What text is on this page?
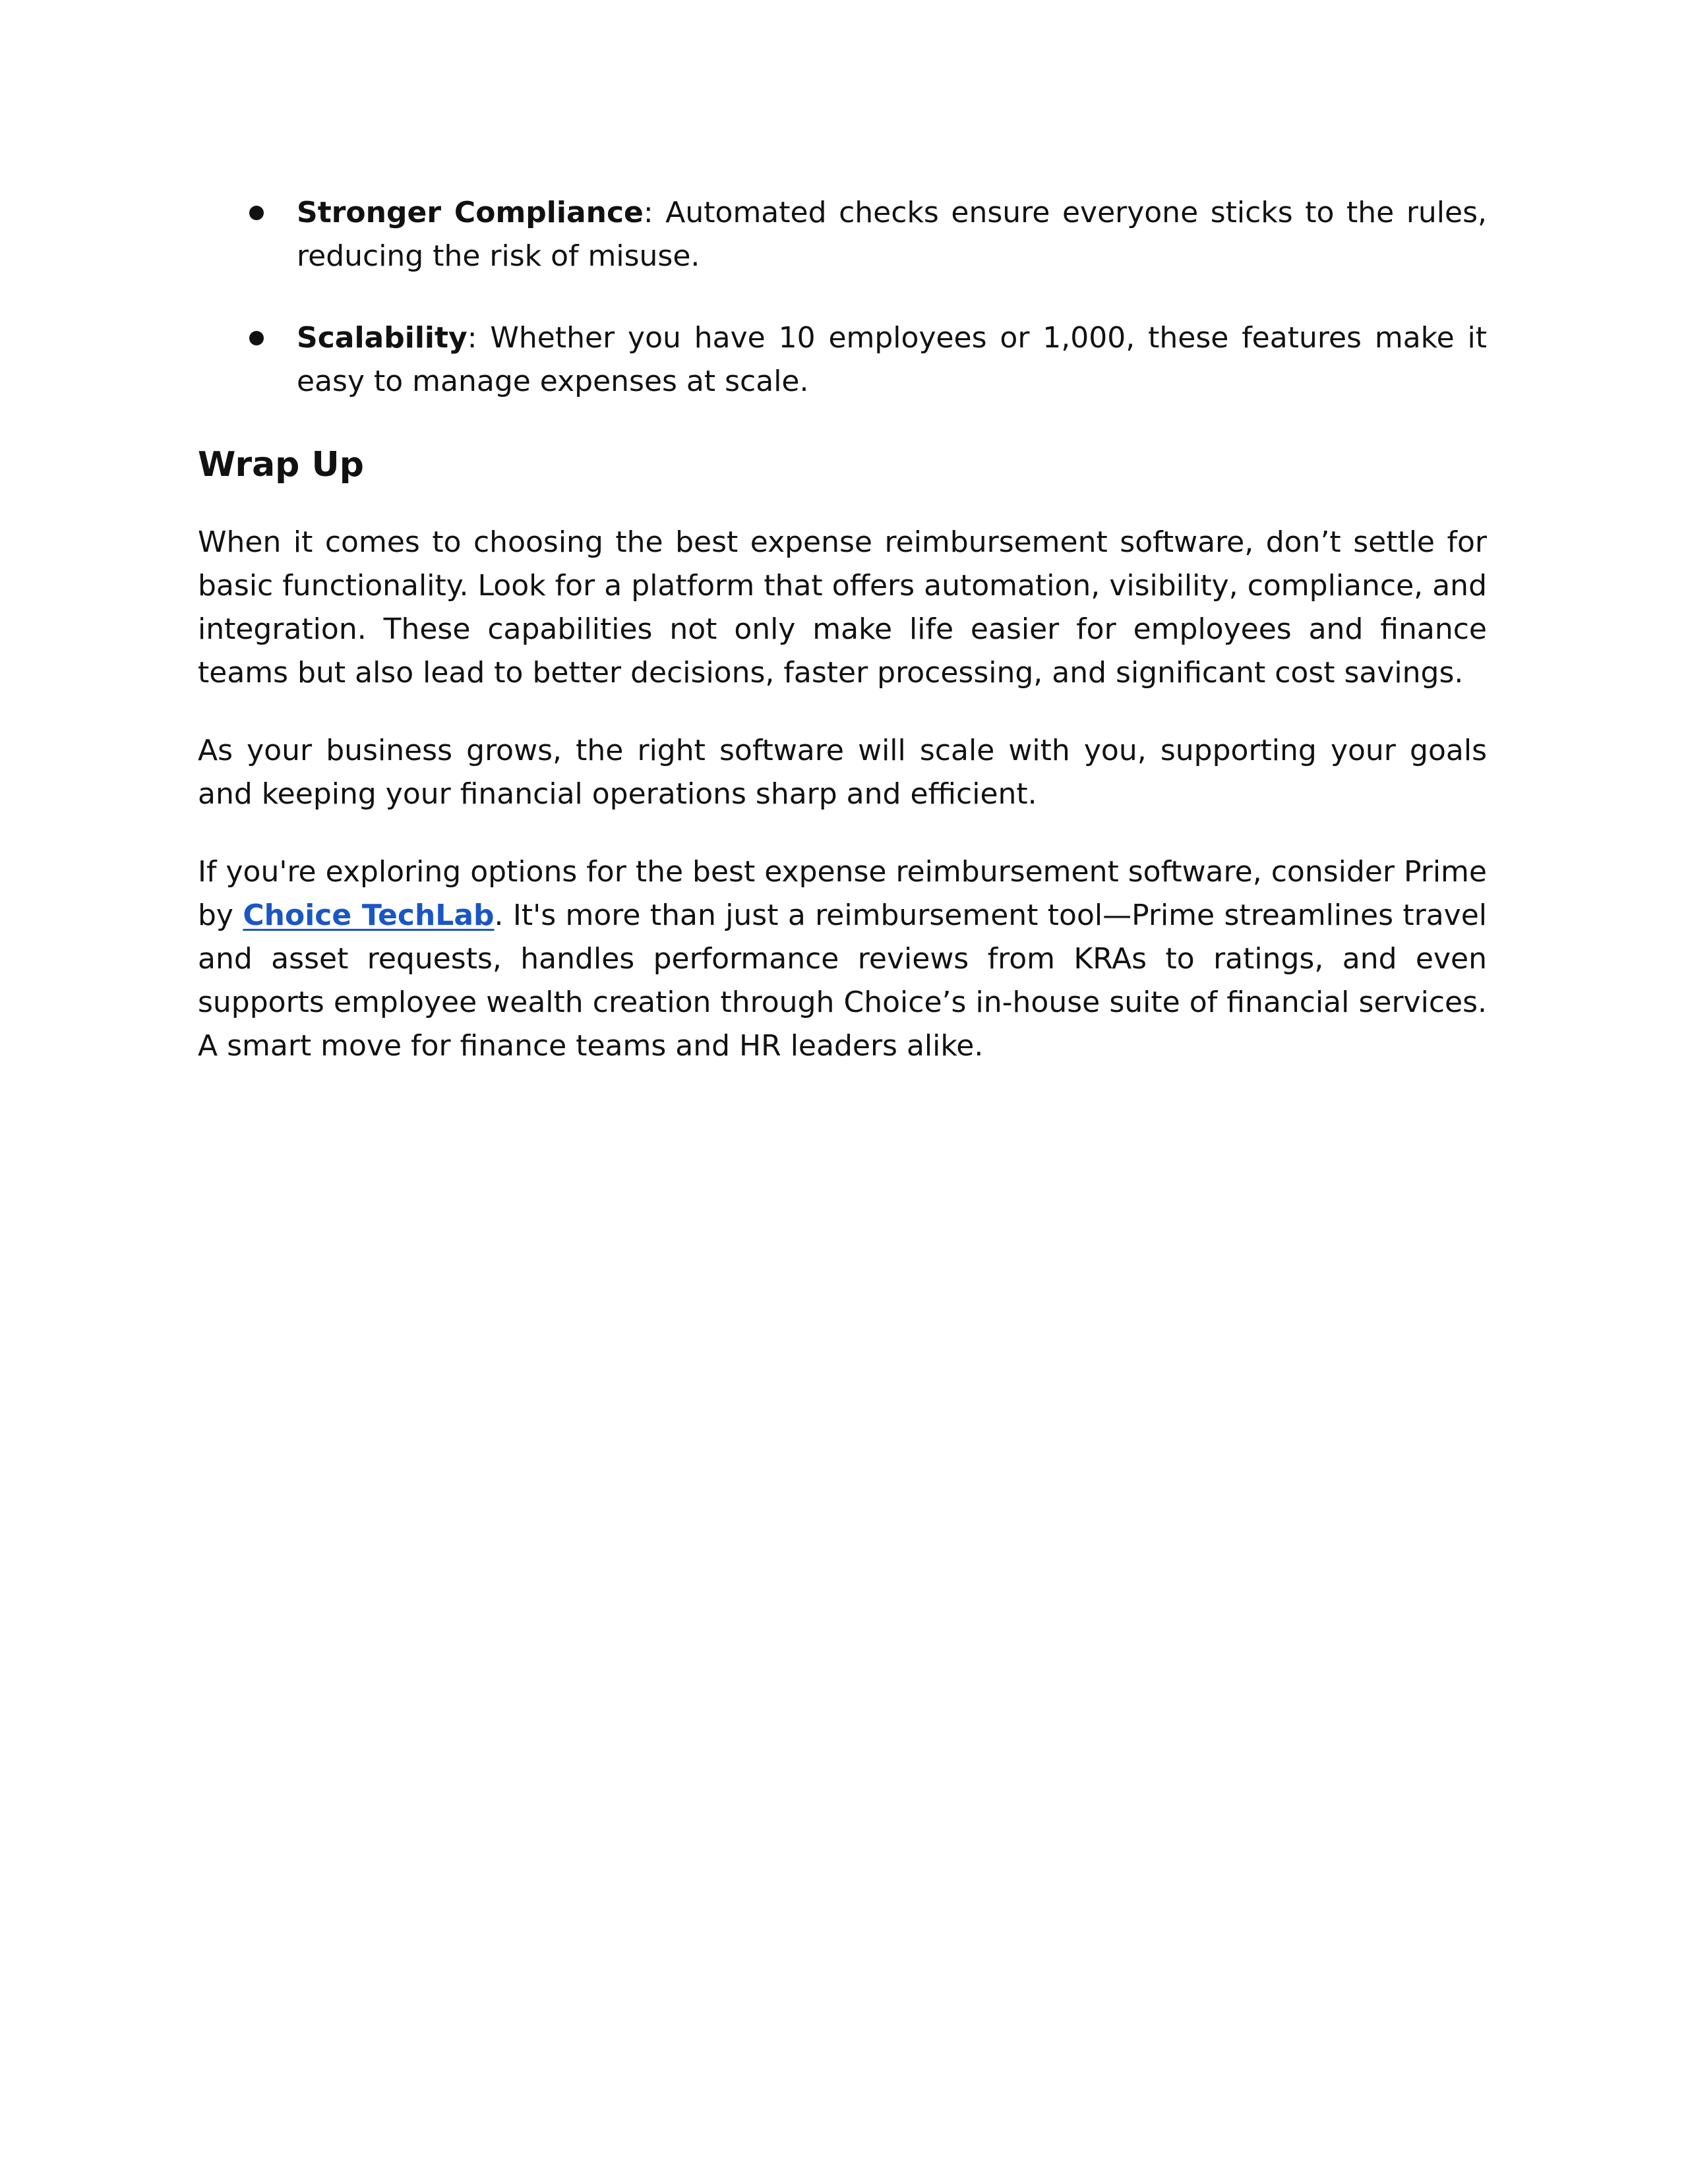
Stronger Compliance: Automated checks ensure everyone sticks to the rules, reducing the risk of misuse.
Scalability: Whether you have 10 employees or 1,000, these features make it easy to manage expenses at scale.
Wrap Up

When it comes to choosing the best expense reimbursement software, don’t settle for basic functionality. Look for a platform that offers automation, visibility, compliance, and integration. These capabilities not only make life easier for employees and finance teams but also lead to better decisions, faster processing, and significant cost savings.

As your business grows, the right software will scale with you, supporting your goals and keeping your financial operations sharp and efficient.

If you're exploring options for the best expense reimbursement software, consider Prime by Choice TechLab. It's more than just a reimbursement tool—Prime streamlines travel and asset requests, handles performance reviews from KRAs to ratings, and even supports employee wealth creation through Choice’s in-house suite of financial services. A smart move for finance teams and HR leaders alike.
